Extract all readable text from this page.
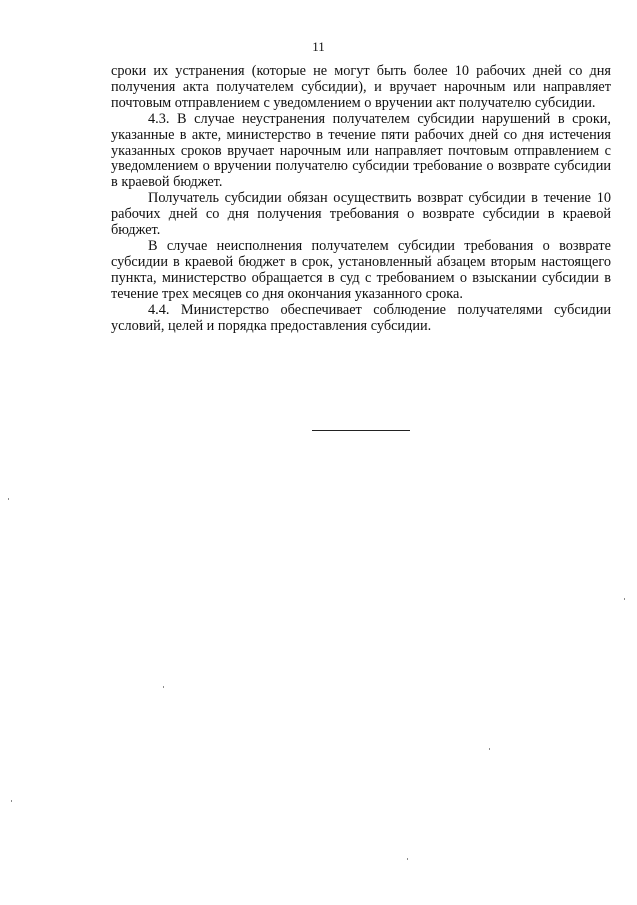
11

сроки их устранения (которые не могут быть более 10 рабочих дней со дня получения акта получателем субсидии), и вручает нарочным или направляет почтовым отправлением с уведомлением о вручении акт получателю субсидии.

4.3. В случае неустранения получателем субсидии нарушений в сроки, указанные в акте, министерство в течение пяти рабочих дней со дня истечения указанных сроков вручает нарочным или направляет почтовым отправлением с уведомлением о вручении получателю субсидии требование о возврате субсидии в краевой бюджет.

Получатель субсидии обязан осуществить возврат субсидии в течение 10 рабочих дней со дня получения требования о возврате субсидии в краевой бюджет.

В случае неисполнения получателем субсидии требования о возврате субсидии в краевой бюджет в срок, установленный абзацем вторым настоящего пункта, министерство обращается в суд с требованием о взыскании субсидии в течение трех месяцев со дня окончания указанного срока.

4.4. Министерство обеспечивает соблюдение получателями субсидии условий, целей и порядка предоставления субсидии.
